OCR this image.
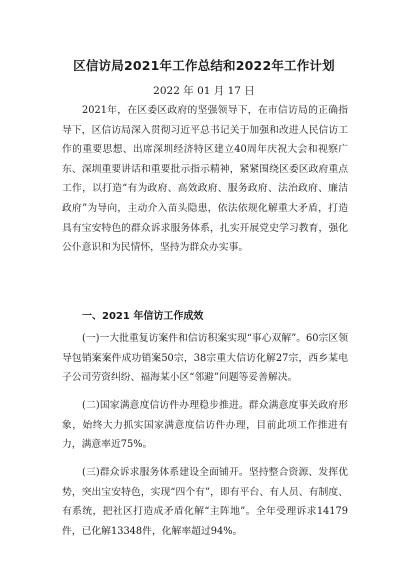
区信访局2021年工作总结和2022年工作计划
2022 年 01 月 17 日

2021年，在区委区政府的坚强领导下，在市信访局的正确指导下，区信访局深入贯彻习近平总书记关于加强和改进人民信访工作的重要思想、出席深圳经济特区建立40周年庆祝大会和视察广东、深圳重要讲话和重要批示指示精神，紧紧围绕区委区政府重点工作，以打造“有为政府、高效政府、服务政府、法治政府、廉洁政府”为导向，主动介入苗头隐患，依法依规化解重大矛盾，打造具有宝安特色的群众诉求服务体系，扎实开展党史学习教育，强化公仆意识和为民情怀，坚持为群众办实事。

一、2021 年信访工作成效

(一)一大批重复访案件和信访积案实现“事心双解”。60宗区领导包销案案件成功销案50宗，38宗重大信访化解27宗，西乡某电子公司劳资纠纷、福海某小区“邻避”问题等妥善解决。

(二)国家满意度信访件办理稳步推进。群众满意度事关政府形象，始终大力抓实国家满意度信访件办理，目前此项工作推进有力，满意率近75%。

(三)群众诉求服务体系建设全面铺开。坚持整合资源、发挥优势，突出宝安特色，实现“四个有”，即有平台、有人员、有制度、有系统，把社区打造成矛盾化解“主阵地”。全年受理诉求14179件，已化解13348件，化解率超过94%。
